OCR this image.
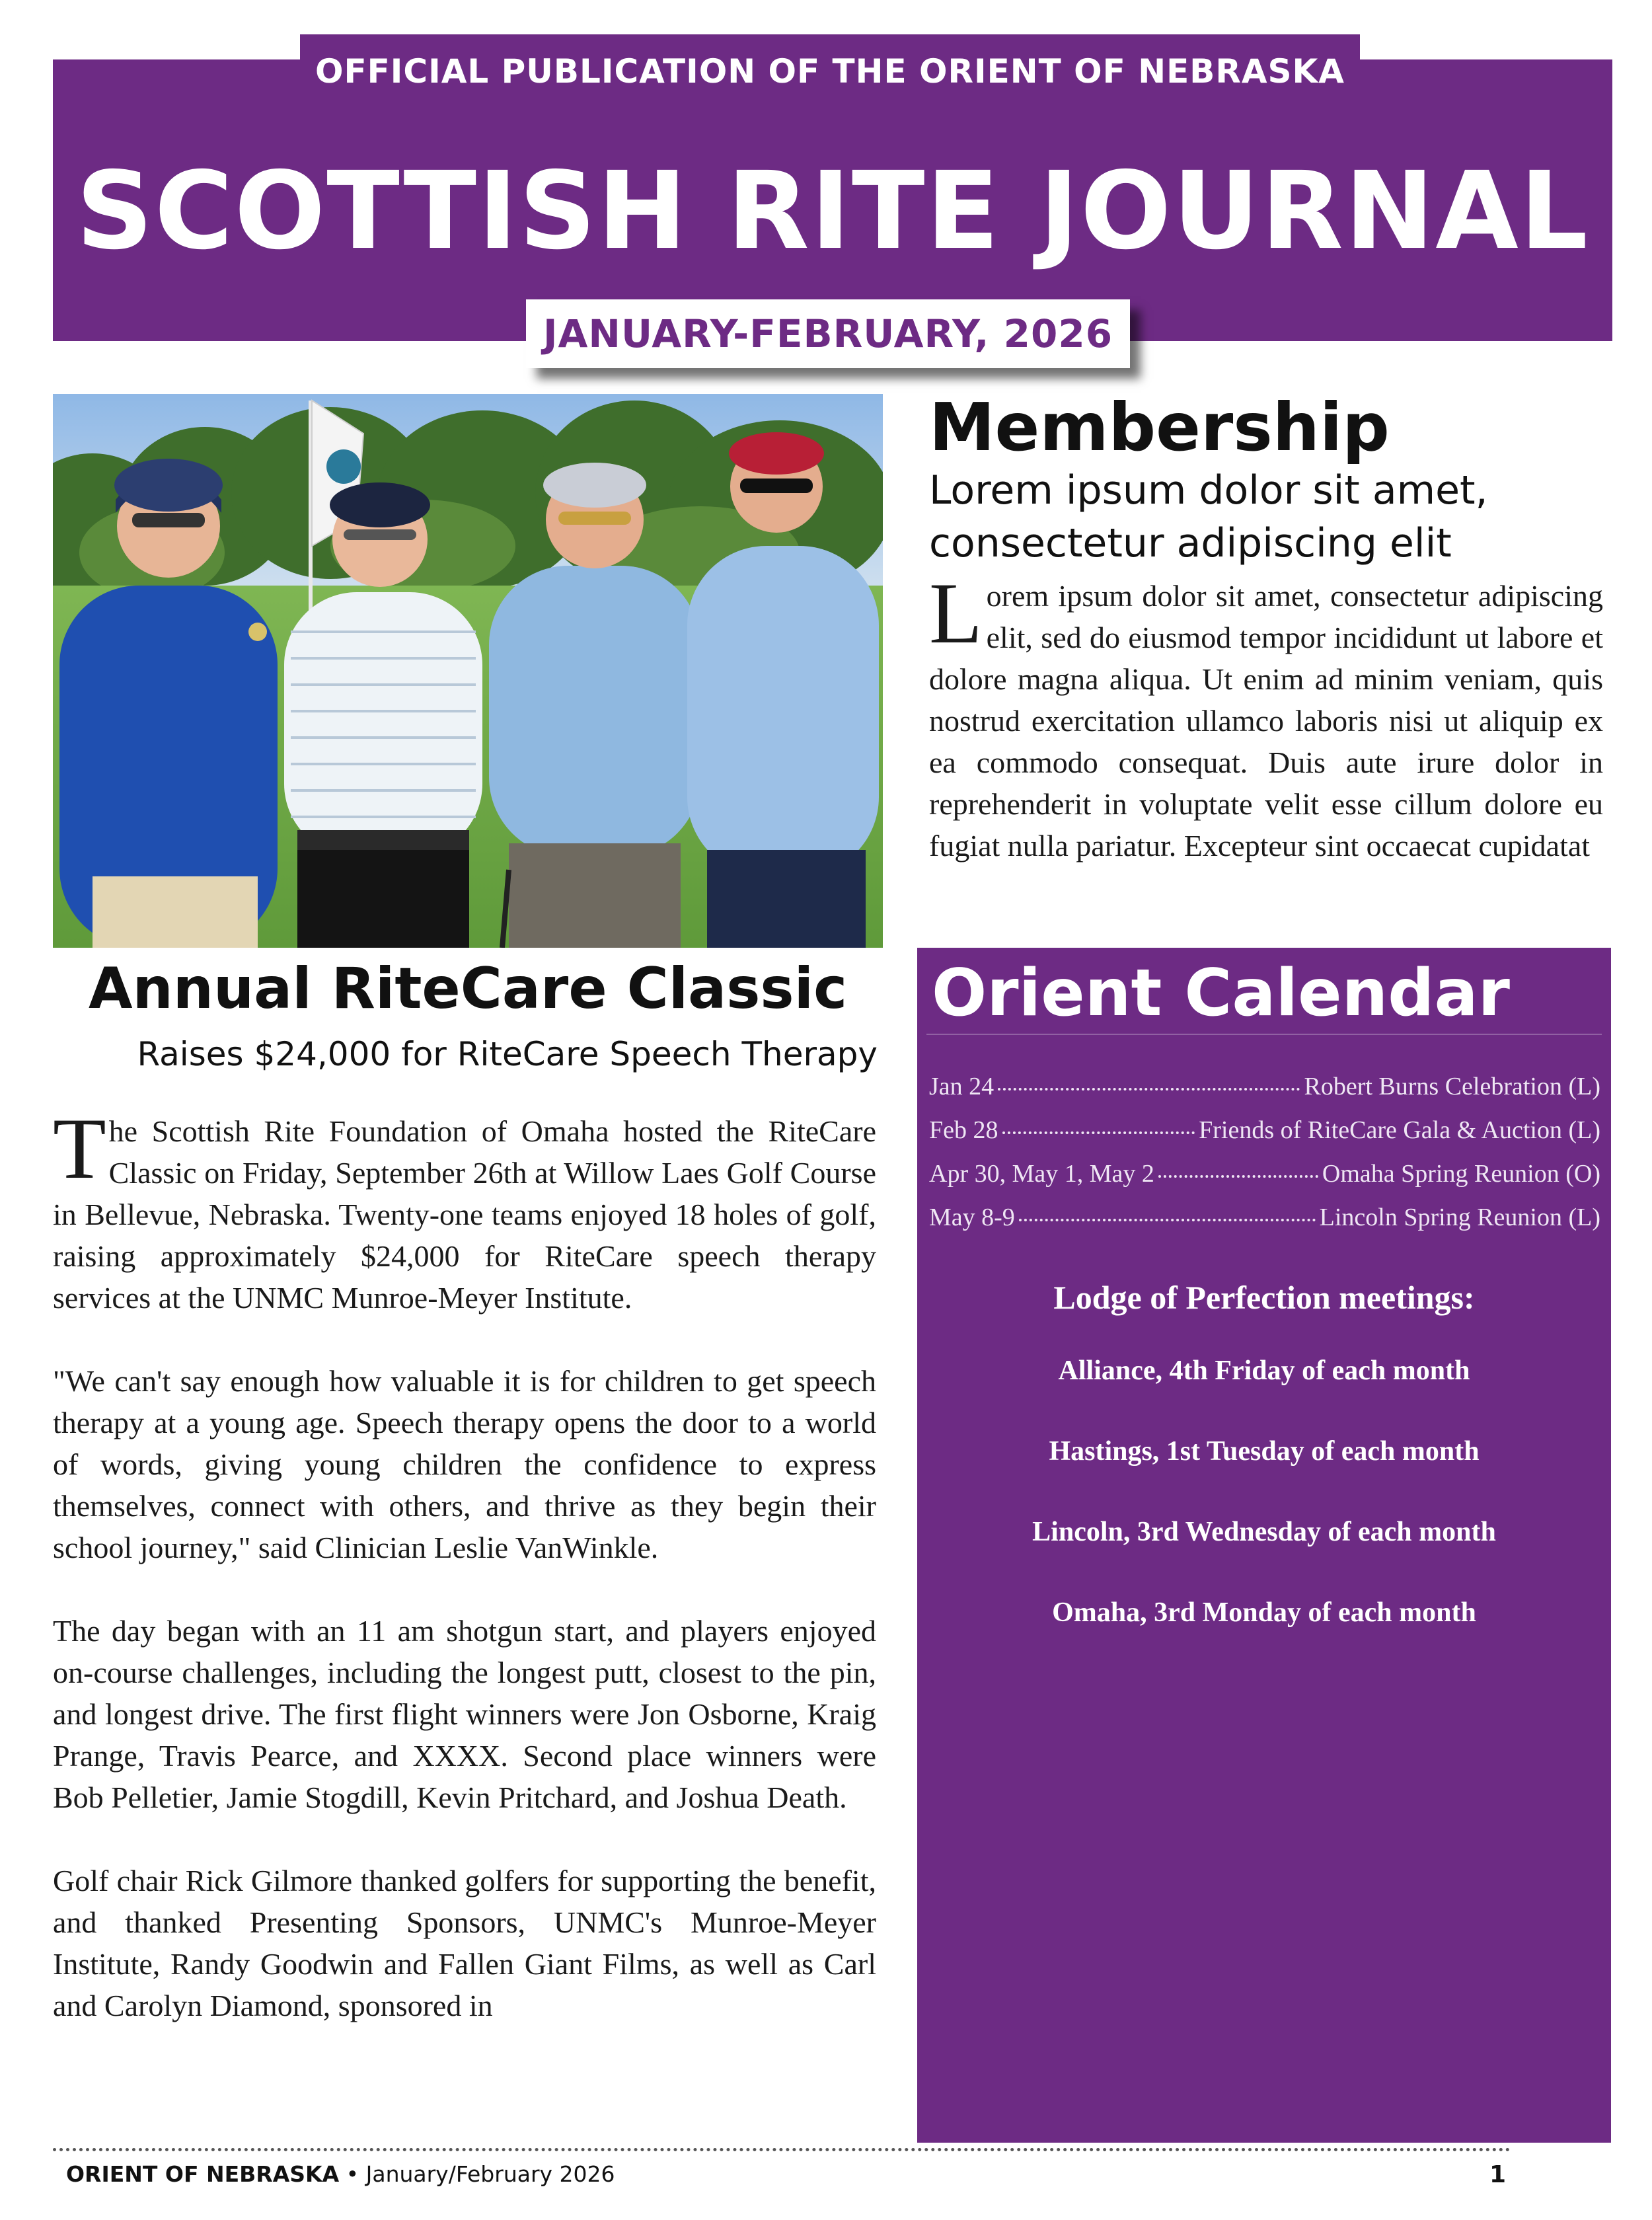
OFFICIAL PUBLICATION OF THE ORIENT OF NEBRASKA
SCOTTISH RITE JOURNAL
JANUARY-FEBRUARY, 2026
Membership
Lorem ipsum dolor sit amet, consectetur adipiscing elit
Lorem ipsum dolor sit amet, consectetur adipiscing elit, sed do eiusmod tempor incididunt ut labore et dolore magna aliqua. Ut enim ad minim veniam, quis nostrud exercitation ullamco laboris nisi ut aliquip ex ea commodo consequat. Duis aute irure dolor in reprehenderit in voluptate velit esse cillum dolore eu fugiat nulla pariatur. Excepteur sint occaecat cupidatat
Annual RiteCare Classic
Raises $24,000 for RiteCare Speech Therapy

The Scottish Rite Foundation of Omaha hosted the RiteCare Classic on Friday, September 26th at Willow Laes Golf Course in Bellevue, Nebraska. Twenty-one teams enjoyed 18 holes of golf, raising approximately $24,000 for RiteCare speech therapy services at the UNMC Munroe-Meyer Institute.

"We can't say enough how valuable it is for children to get speech therapy at a young age. Speech therapy opens the door to a world of words, giving young children the confidence to express themselves, connect with others, and thrive as they begin their school journey," said Clinician Leslie VanWinkle.

The day began with an 11 am shotgun start, and players enjoyed on-course challenges, including the longest putt, closest to the pin, and longest drive. The first flight winners were Jon Osborne, Kraig Prange, Travis Pearce, and XXXX. Second place winners were Bob Pelletier, Jamie Stogdill, Kevin Pritchard, and Joshua Death.

Golf chair Rick Gilmore thanked golfers for supporting the benefit, and thanked Presenting Sponsors, UNMC's Munroe-Meyer Institute, Randy Goodwin and Fallen Giant Films, as well as Carl and Carolyn Diamond, sponsored in

Orient Calendar
Jan 24	Robert Burns Celebration (L)
Feb 28	Friends of RiteCare Gala & Auction (L)
Apr 30, May 1, May 2	Omaha Spring Reunion (O)
May 8-9	Lincoln Spring Reunion (L)
Lodge of Perfection meetings:
Alliance, 4th Friday of each month
Hastings, 1st Tuesday of each month
Lincoln, 3rd Wednesday of each month
Omaha, 3rd Monday of each month
ORIENT OF NEBRASKA • January/February 2026	1
